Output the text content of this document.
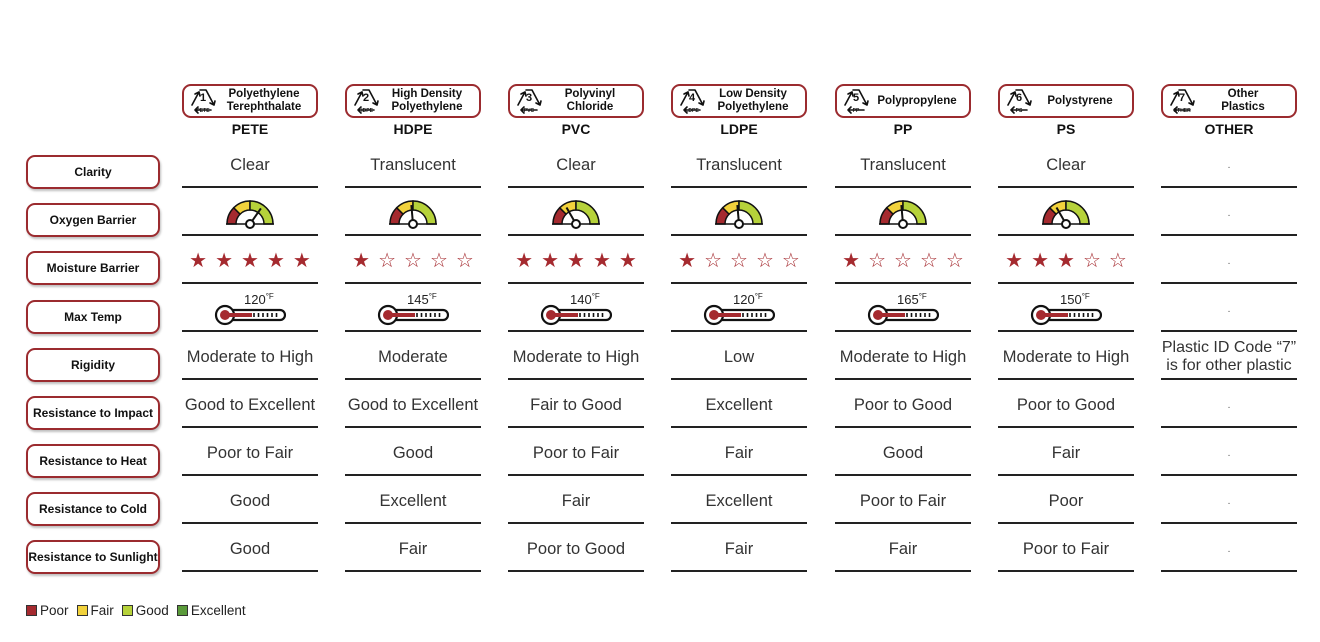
1
PETE
Polyethylene
Terephthalate
PETE
2
HDPE
High Density
Polyethylene
HDPE
3
PVC
Polyvinyl
Chloride
PVC
4
LDPE
Low Density
Polyethylene
LDPE
5
PP
Polypropylene
PP
6
PS
Polystyrene
PS
7
OTHER
Other
Plastics
OTHER
Clarity
Oxygen Barrier
Moisture Barrier
Max Temp
Rigidity
Resistance to Impact
Resistance to Heat
Resistance to Cold
Resistance to Sunlight
Clear
★ ★ ★ ★ ★
$120^{^\circ F}$
Moderate to High
Good to Excellent
Poor to Fair
Good
Good
Translucent
★ ☆ ☆ ☆ ☆
$145^{^\circ F}$
Moderate
Good to Excellent
Good
Excellent
Fair
Clear
★ ★ ★ ★ ★
$140^{^\circ F}$
Moderate to High
Fair to Good
Poor to Fair
Fair
Poor to Good
Translucent
★ ☆ ☆ ☆ ☆
$120^{^\circ F}$
Low
Excellent
Fair
Excellent
Fair
Translucent
★ ☆ ☆ ☆ ☆
$165^{^\circ F}$
Moderate to High
Poor to Good
Good
Poor to Fair
Fair
Clear
★ ★ ★ ☆ ☆
$150^{^\circ F}$
Moderate to High
Poor to Good
Fair
Poor
Poor to Fair
.
.
.
.
Plastic ID Code “7” is for other plastic
.
.
.
.
Poor Fair Good Excellent
